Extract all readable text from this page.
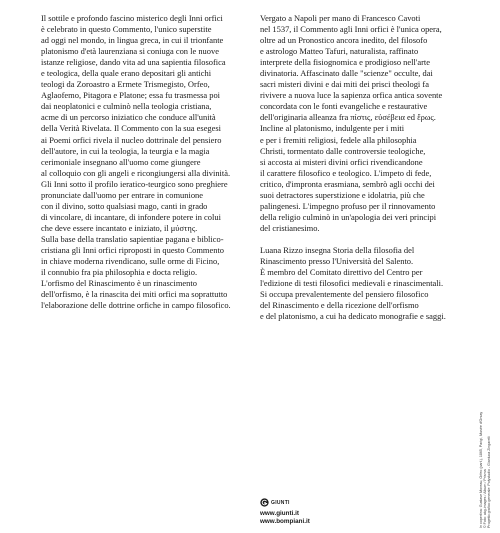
Il sottile e profondo fascino misterico degli Inni orfici

è celebrato in questo Commento, l'unico superstite

ad oggi nel mondo, in lingua greca, in cui il trionfante

platonismo d'età laurenziana si coniuga con le nuove

istanze religiose, dando vita ad una sapientia filosofica

e teologica, della quale erano depositari gli antichi

teologi da Zoroastro a Ermete Trismegisto, Orfeo,

Aglaofemo, Pitagora e Platone; essa fu trasmessa poi

dai neoplatonici e culminò nella teologia cristiana,

acme di un percorso iniziatico che conduce all'unità

della Verità Rivelata. Il Commento con la sua esegesi

ai Poemi orfici rivela il nucleo dottrinale del pensiero

dell'autore, in cui la teologia, la teurgia e la magia

cerimoniale insegnano all'uomo come giungere

al colloquio con gli angeli e ricongiungersi alla divinità.

Gli Inni sotto il profilo ieratico-teurgico sono preghiere

pronunciate dall'uomo per entrare in comunione

con il divino, sotto qualsiasi mago, canti in grado

di vincolare, di incantare, di infondere potere in colui

che deve essere incantato e iniziato, il μύστης.

Sulla base della translatio sapientiae pagana e biblico-

cristiana gli Inni orfici riproposti in questo Commento

in chiave moderna rivendicano, sulle orme di Ficino,

il connubio fra pia philosophia e docta religio.

L'orfismo del Rinascimento è un rinascimento

dell'orfismo, è la rinascita dei miti orfici ma soprattutto

l'elaborazione delle dottrine orfiche in campo filosofico.

Vergato a Napoli per mano di Francesco Cavoti

nel 1537, il Commento agli Inni orfici è l'unica opera,

oltre ad un Pronostico ancora inedito, del filosofo

e astrologo Matteo Tafuri, naturalista, raffinato

interprete della fisiognomica e prodigioso nell'arte

divinatoria. Affascinato dalle "scienze" occulte, dai

sacri misteri divini e dai miti dei prisci theologi fa

rivivere a nuova luce la sapienza orfica antica sovente

concordata con le fonti evangeliche e restaurative

dell'originaria alleanza fra πίστις, εὐσέβεια ed ἔρως.

Incline al platonismo, indulgente per i miti

e per i fremiti religiosi, fedele alla philosophia

Christi, tormentato dalle controversie teologiche,

si accosta ai misteri divini orfici rivendicandone

il carattere filosofico e teologico. L'impeto di fede,

critico, d'impronta erasmiana, sembrò agli occhi dei

suoi detractores superstizione e idolatria, più che

palingenesi. L'impegno profuso per il rinnovamento

della religio culminò in un'apologia dei veri principi

del cristianesimo.

Luana Rizzo insegna Storia della filosofia del

Rinascimento presso l'Università del Salento.

È membro del Comitato direttivo del Centro per

l'edizione di testi filosofici medievali e rinascimentali.

Si occupa prevalentemente del pensiero filosofico

del Rinascimento e della ricezione dell'orfismo

e del platonismo, a cui ha dedicato monografie e saggi.

GIUNTI
www.giunti.it
www.bompiani.it	In copertina: Gustave Moreau, Orfeo (part.), 1865, Parigi, Musée d'Orsay © Foto: akg-images / Album / Prisma Progetto grafico generale: Polystudio - Gianluca Zingarelli
